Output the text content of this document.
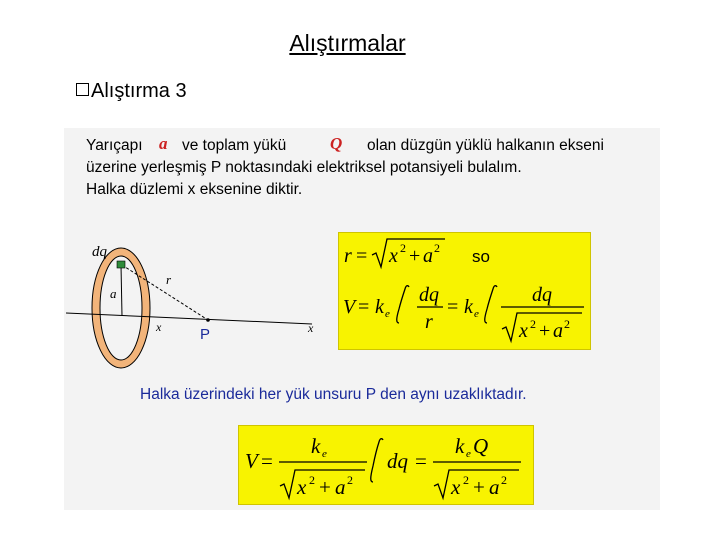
Alıştırmalar
Alıştırma 3
Yarıçapı a ve toplam yükü	Q olan düzgün yüklü halkanın ekseni
üzerine yerleşmiş P noktasındaki elektriksel potansiyeli bulalım.
Halka düzlemi x eksenine diktir.
r = x 2 + a 2 so
V = k e
dq
r
= k e
dq
x 2 + a 2
Halka üzerindeki her yük unsuru P den aynı uzaklıktadır.
V =
k e
x 2 + a 2
dq =
k e Q
x 2 + a 2
dq
r
a
x	x
P
